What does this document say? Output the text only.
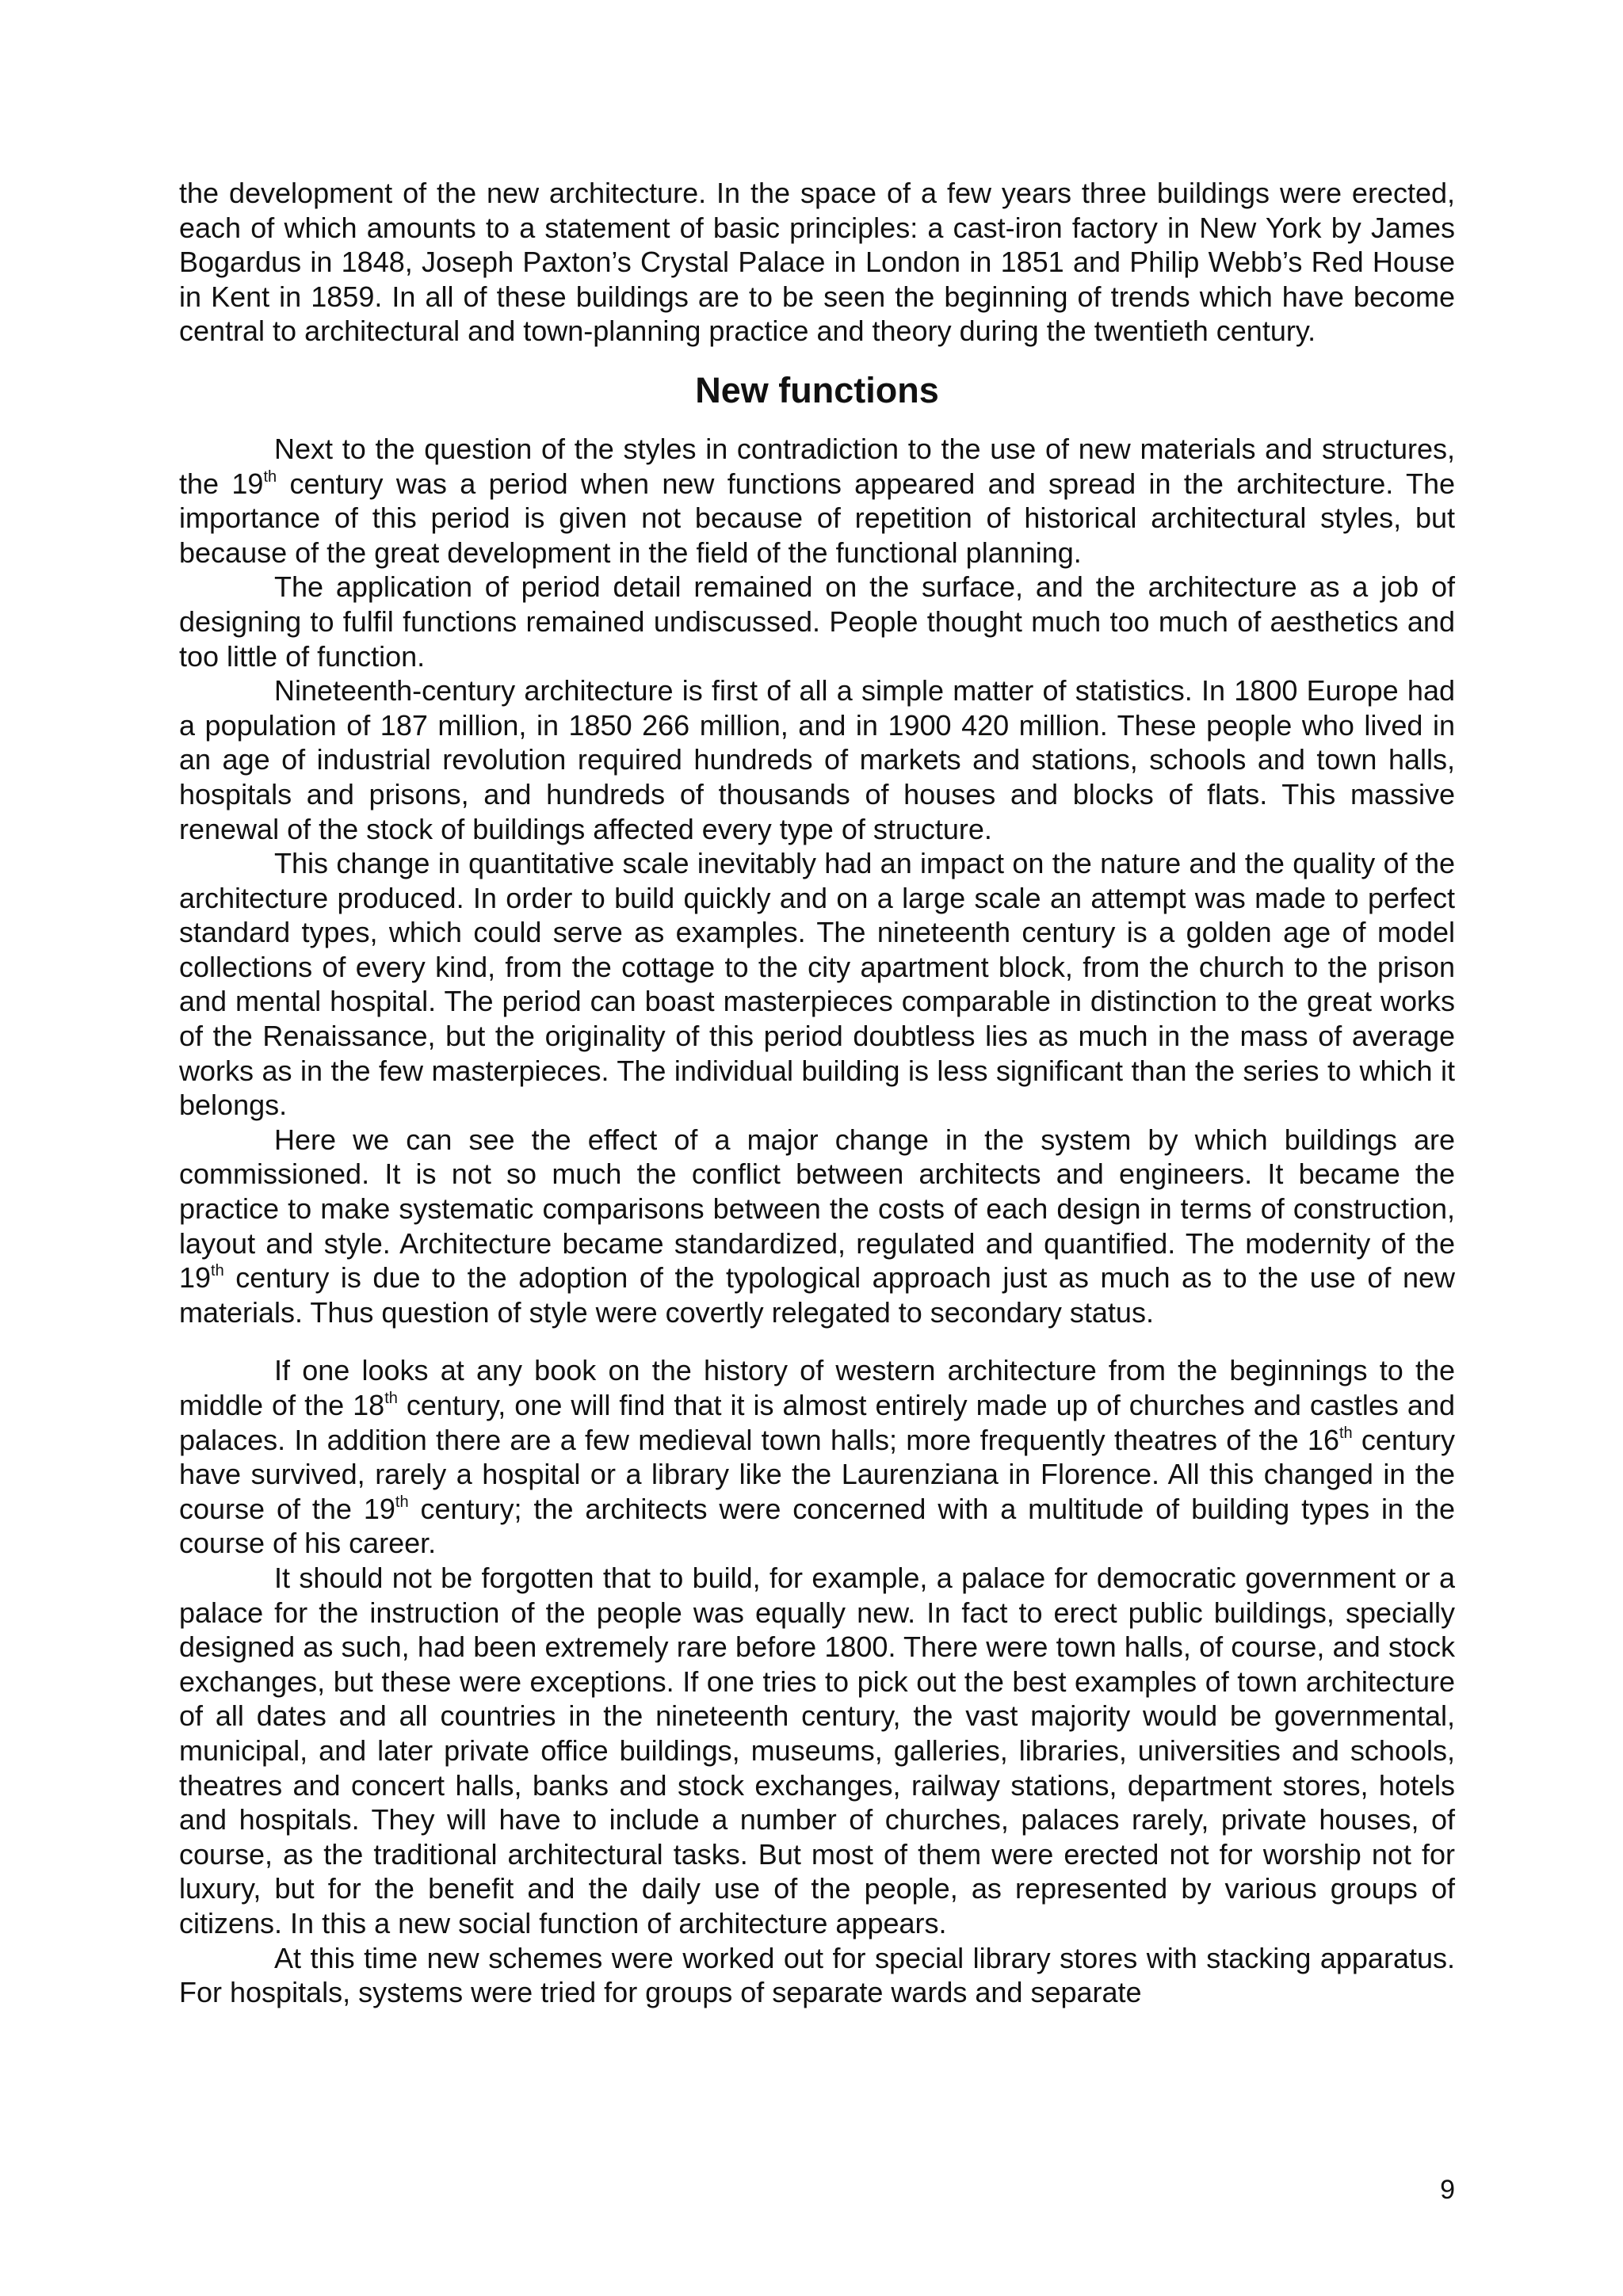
the development of the new architecture. In the space of a few years three buildings were erected, each of which amounts to a statement of basic principles: a cast-iron factory in New York by James Bogardus in 1848, Joseph Paxton’s Crystal Palace in London in 1851 and Philip Webb’s Red House in Kent in 1859. In all of these buildings are to be seen the beginning of trends which have become central to architectural and town-planning practice and theory during the twentieth century.

New functions

Next to the question of the styles in contradiction to the use of new materials and structures, the 19th century was a period when new functions appeared and spread in the architecture. The importance of this period is given not because of repetition of historical architectural styles, but because of the great development in the field of the functional planning.

The application of period detail remained on the surface, and the architecture as a job of designing to fulfil functions remained undiscussed. People thought much too much of aesthetics and too little of function.

Nineteenth-century architecture is first of all a simple matter of statistics. In 1800 Europe had a population of 187 million, in 1850 266 million, and in 1900 420 million. These people who lived in an age of industrial revolution required hundreds of markets and stations, schools and town halls, hospitals and prisons, and hundreds of thousands of houses and blocks of flats. This massive renewal of the stock of buildings affected every type of structure.

This change in quantitative scale inevitably had an impact on the nature and the quality of the architecture produced. In order to build quickly and on a large scale an attempt was made to perfect standard types, which could serve as examples. The nineteenth century is a golden age of model collections of every kind, from the cottage to the city apartment block, from the church to the prison and mental hospital. The period can boast masterpieces comparable in distinction to the great works of the Renaissance, but the originality of this period doubtless lies as much in the mass of average works as in the few masterpieces. The individual building is less significant than the series to which it belongs.

Here we can see the effect of a major change in the system by which buildings are commissioned. It is not so much the conflict between architects and engineers. It became the practice to make systematic comparisons between the costs of each design in terms of construction, layout and style. Architecture became standardized, regulated and quantified. The modernity of the 19th century is due to the adoption of the typological approach just as much as to the use of new materials. Thus question of style were covertly relegated to secondary status.

If one looks at any book on the history of western architecture from the beginnings to the middle of the 18th century, one will find that it is almost entirely made up of churches and castles and palaces. In addition there are a few medieval town halls; more frequently theatres of the 16th century have survived, rarely a hospital or a library like the Laurenziana in Florence. All this changed in the course of the 19th century; the architects were concerned with a multitude of building types in the course of his career.

It should not be forgotten that to build, for example, a palace for democratic government or a palace for the instruction of the people was equally new. In fact to erect public buildings, specially designed as such, had been extremely rare before 1800. There were town halls, of course, and stock exchanges, but these were exceptions. If one tries to pick out the best examples of town architecture of all dates and all countries in the nineteenth century, the vast majority would be governmental, municipal, and later private office buildings, museums, galleries, libraries, universities and schools, theatres and concert halls, banks and stock exchanges, railway stations, department stores, hotels and hospitals. They will have to include a number of churches, palaces rarely, private houses, of course, as the traditional architectural tasks. But most of them were erected not for worship not for luxury, but for the benefit and the daily use of the people, as represented by various groups of citizens. In this a new social function of architecture appears.

At this time new schemes were worked out for special library stores with stacking apparatus. For hospitals, systems were tried for groups of separate wards and separate

9
